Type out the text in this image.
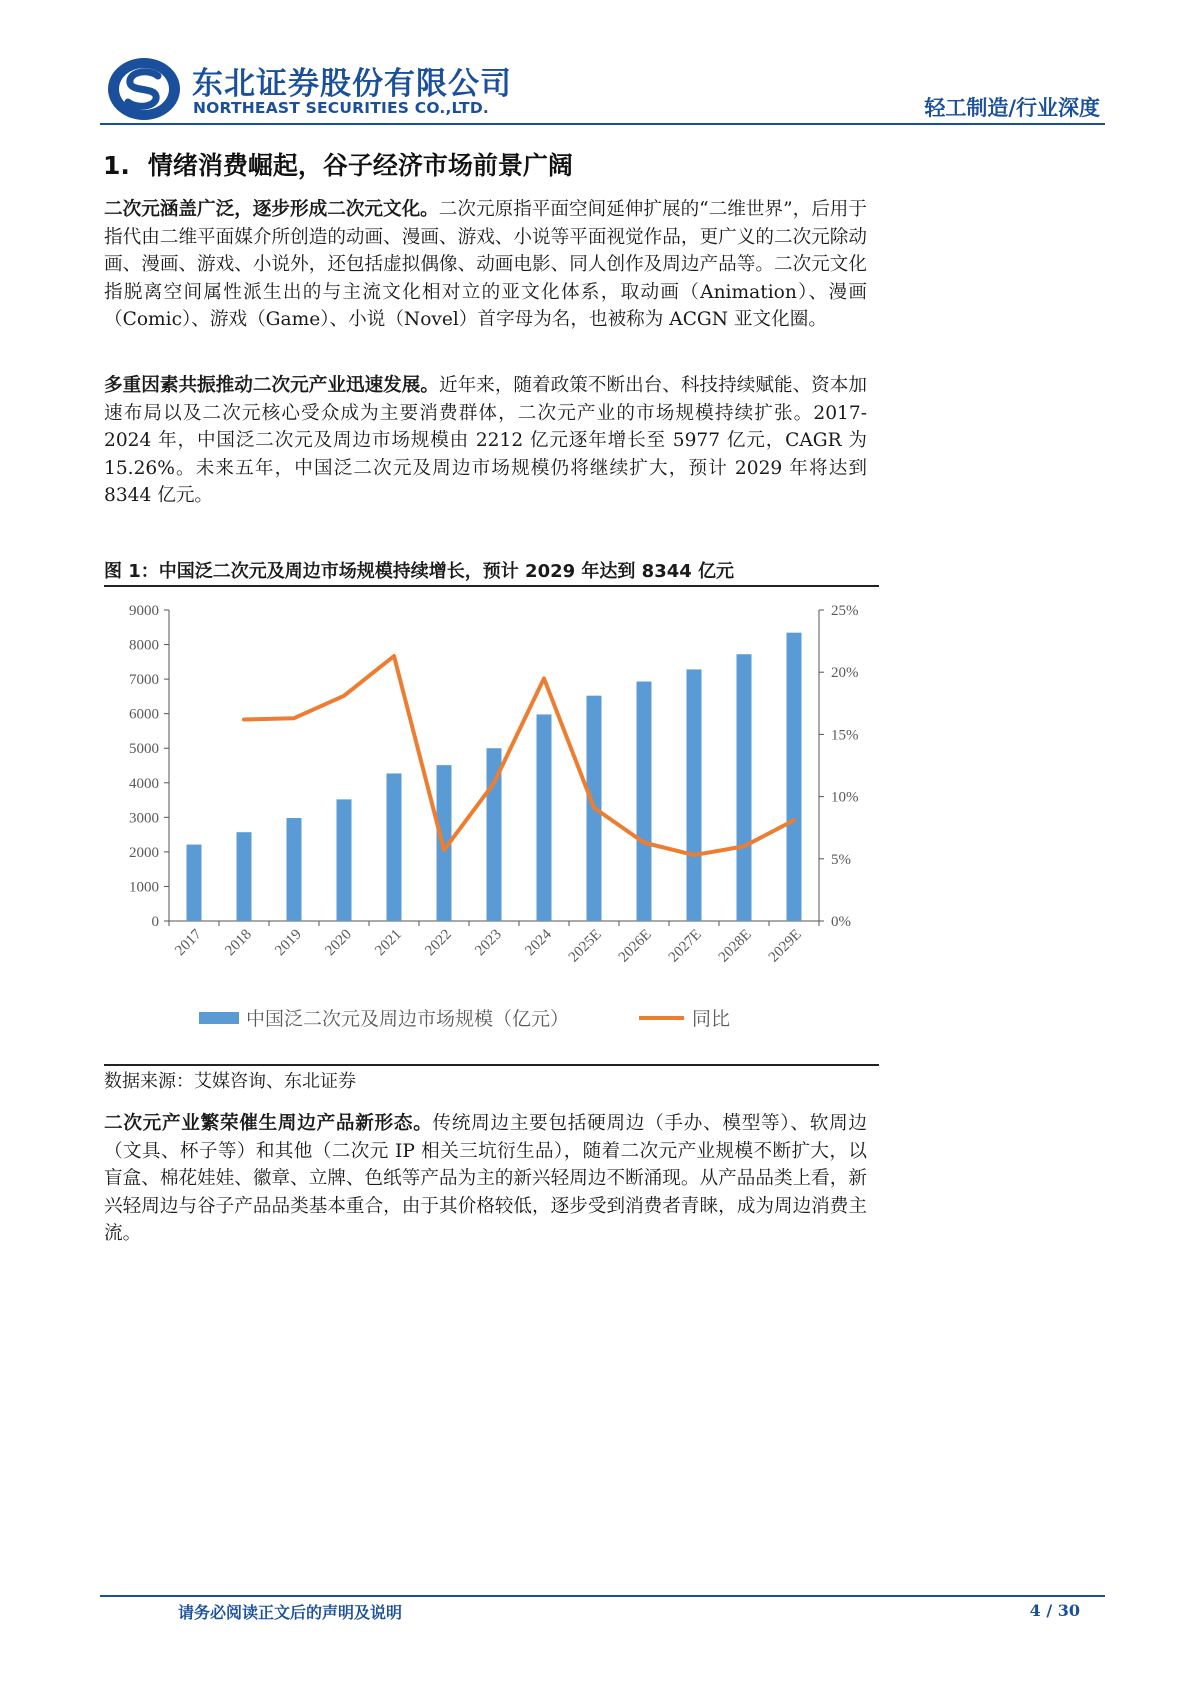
东北证券股份有限公司
NORTHEAST SECURITIES CO.,LTD.	轻工制造/行业深度
1. 情绪消费崛起，谷子经济市场前景广阔

二次元涵盖广泛，逐步形成二次元文化。二次元原指平面空间延伸扩展的“二维世界”，后用于指代由二维平面媒介所创造的动画、漫画、游戏、小说等平面视觉作品，更广义的二次元除动画、漫画、游戏、小说外，还包括虚拟偶像、动画电影、同人创作及周边产品等。二次元文化指脱离空间属性派生出的与主流文化相对立的亚文化体系，取动画（Animation）、漫画（Comic）、游戏（Game）、小说（Novel）首字母为名，也被称为 ACGN 亚文化圈。

多重因素共振推动二次元产业迅速发展。近年来，随着政策不断出台、科技持续赋能、资本加速布局以及二次元核心受众成为主要消费群体，二次元产业的市场规模持续扩张。2017-2024 年，中国泛二次元及周边市场规模由 2212 亿元逐年增长至 5977 亿元，CAGR 为 15.26%。未来五年，中国泛二次元及周边市场规模仍将继续扩大，预计 2029 年将达到 8344 亿元。

图 1：中国泛二次元及周边市场规模持续增长，预计 2029 年达到 8344 亿元
0
1000
2000
3000
4000
5000
6000
7000
8000
9000
0%
5%
10%
15%
20%
25%
2017 2018 2019 2020 2021 2022 2023 2024 2025E 2026E 2027E 2028E 2029E
中国泛二次元及周边市场规模（亿元）	同比
数据来源：艾媒咨询、东北证券

二次元产业繁荣催生周边产品新形态。传统周边主要包括硬周边（手办、模型等）、软周边（文具、杯子等）和其他（二次元 IP 相关三坑衍生品），随着二次元产业规模不断扩大，以盲盒、棉花娃娃、徽章、立牌、色纸等产品为主的新兴轻周边不断涌现。从产品品类上看，新兴轻周边与谷子产品品类基本重合，由于其价格较低，逐步受到消费者青睐，成为周边消费主流。

请务必阅读正文后的声明及说明	4 / 30
